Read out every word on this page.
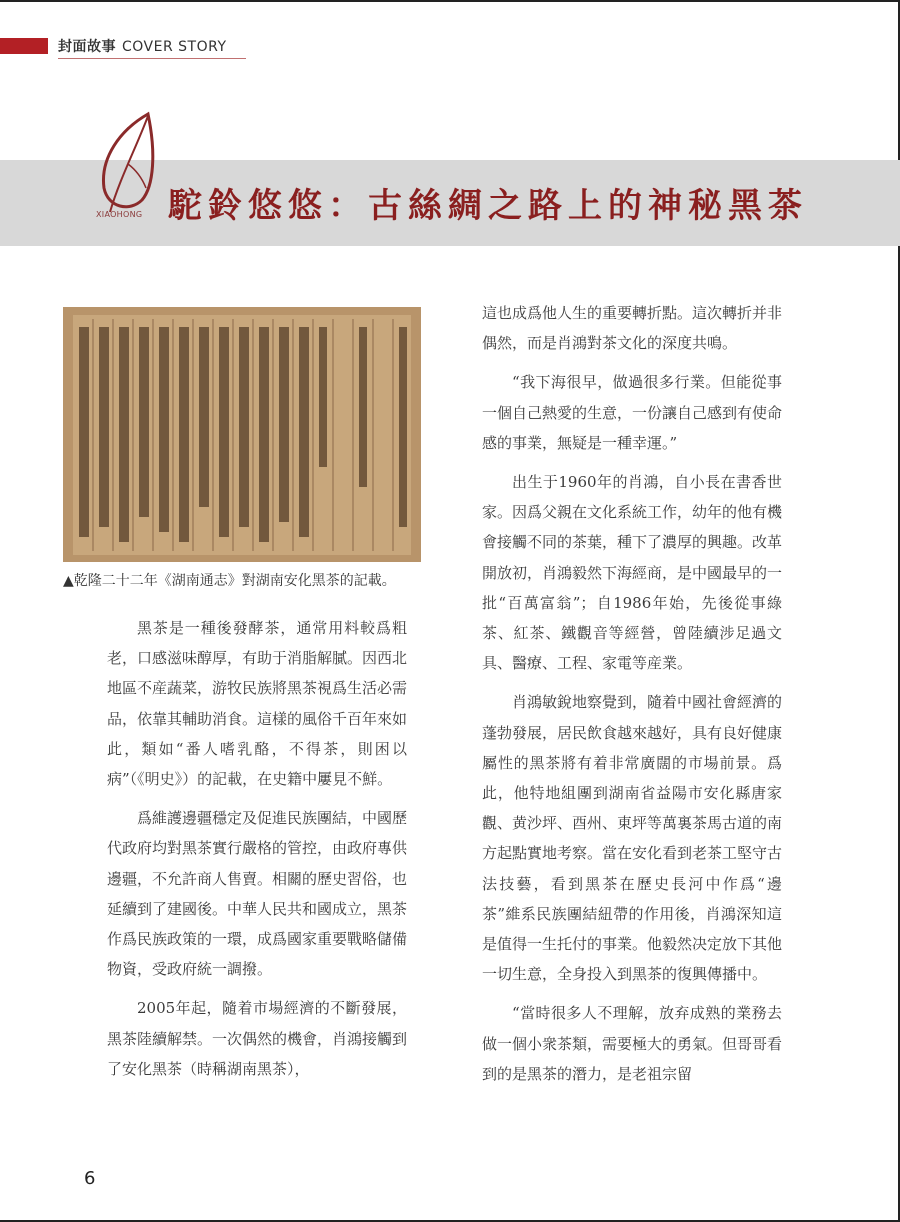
封面故事 COVER STORY
XIAOHONG 駝鈴悠悠：古絲綢之路上的神秘黑茶
▲乾隆二十二年《湖南通志》對湖南安化黑茶的記載。

黑茶是一種後發酵茶，通常用料較爲粗老，口感滋味醇厚，有助于消脂解膩。因西北地區不産蔬菜，游牧民族將黑茶視爲生活必需品，依靠其輔助消食。這樣的風俗千百年來如此，類如“番人嗜乳酪，不得茶，則困以病”（《明史》）的記載，在史籍中屢見不鮮。

爲維護邊疆穩定及促進民族團結，中國歷代政府均對黑茶實行嚴格的管控，由政府專供邊疆，不允許商人售賣。相關的歷史習俗，也延續到了建國後。中華人民共和國成立，黑茶作爲民族政策的一環，成爲國家重要戰略儲備物資，受政府統一調撥。

2005年起，隨着市場經濟的不斷發展，黑茶陸續解禁。一次偶然的機會，肖鴻接觸到了安化黑茶（時稱湖南黑茶），

這也成爲他人生的重要轉折點。這次轉折并非偶然，而是肖鴻對茶文化的深度共鳴。

“我下海很早，做過很多行業。但能從事一個自己熱愛的生意，一份讓自己感到有使命感的事業，無疑是一種幸運。”

出生于1960年的肖鴻，自小長在書香世家。因爲父親在文化系統工作，幼年的他有機會接觸不同的茶葉，種下了濃厚的興趣。改革開放初，肖鴻毅然下海經商，是中國最早的一批“百萬富翁”；自1986年始，先後從事綠茶、紅茶、鐵觀音等經營，曾陸續涉足過文具、醫療、工程、家電等産業。

肖鴻敏銳地察覺到，隨着中國社會經濟的蓬勃發展，居民飲食越來越好，具有良好健康屬性的黑茶將有着非常廣闊的市場前景。爲此，他特地組團到湖南省益陽市安化縣唐家觀、黄沙坪、酉州、東坪等萬裏茶馬古道的南方起點實地考察。當在安化看到老茶工堅守古法技藝，看到黑茶在歷史長河中作爲“邊茶”維系民族團結紐帶的作用後，肖鴻深知這是值得一生托付的事業。他毅然决定放下其他一切生意，全身投入到黑茶的復興傳播中。

“當時很多人不理解，放弃成熟的業務去做一個小衆茶類，需要極大的勇氣。但哥哥看到的是黑茶的潛力，是老祖宗留

6
